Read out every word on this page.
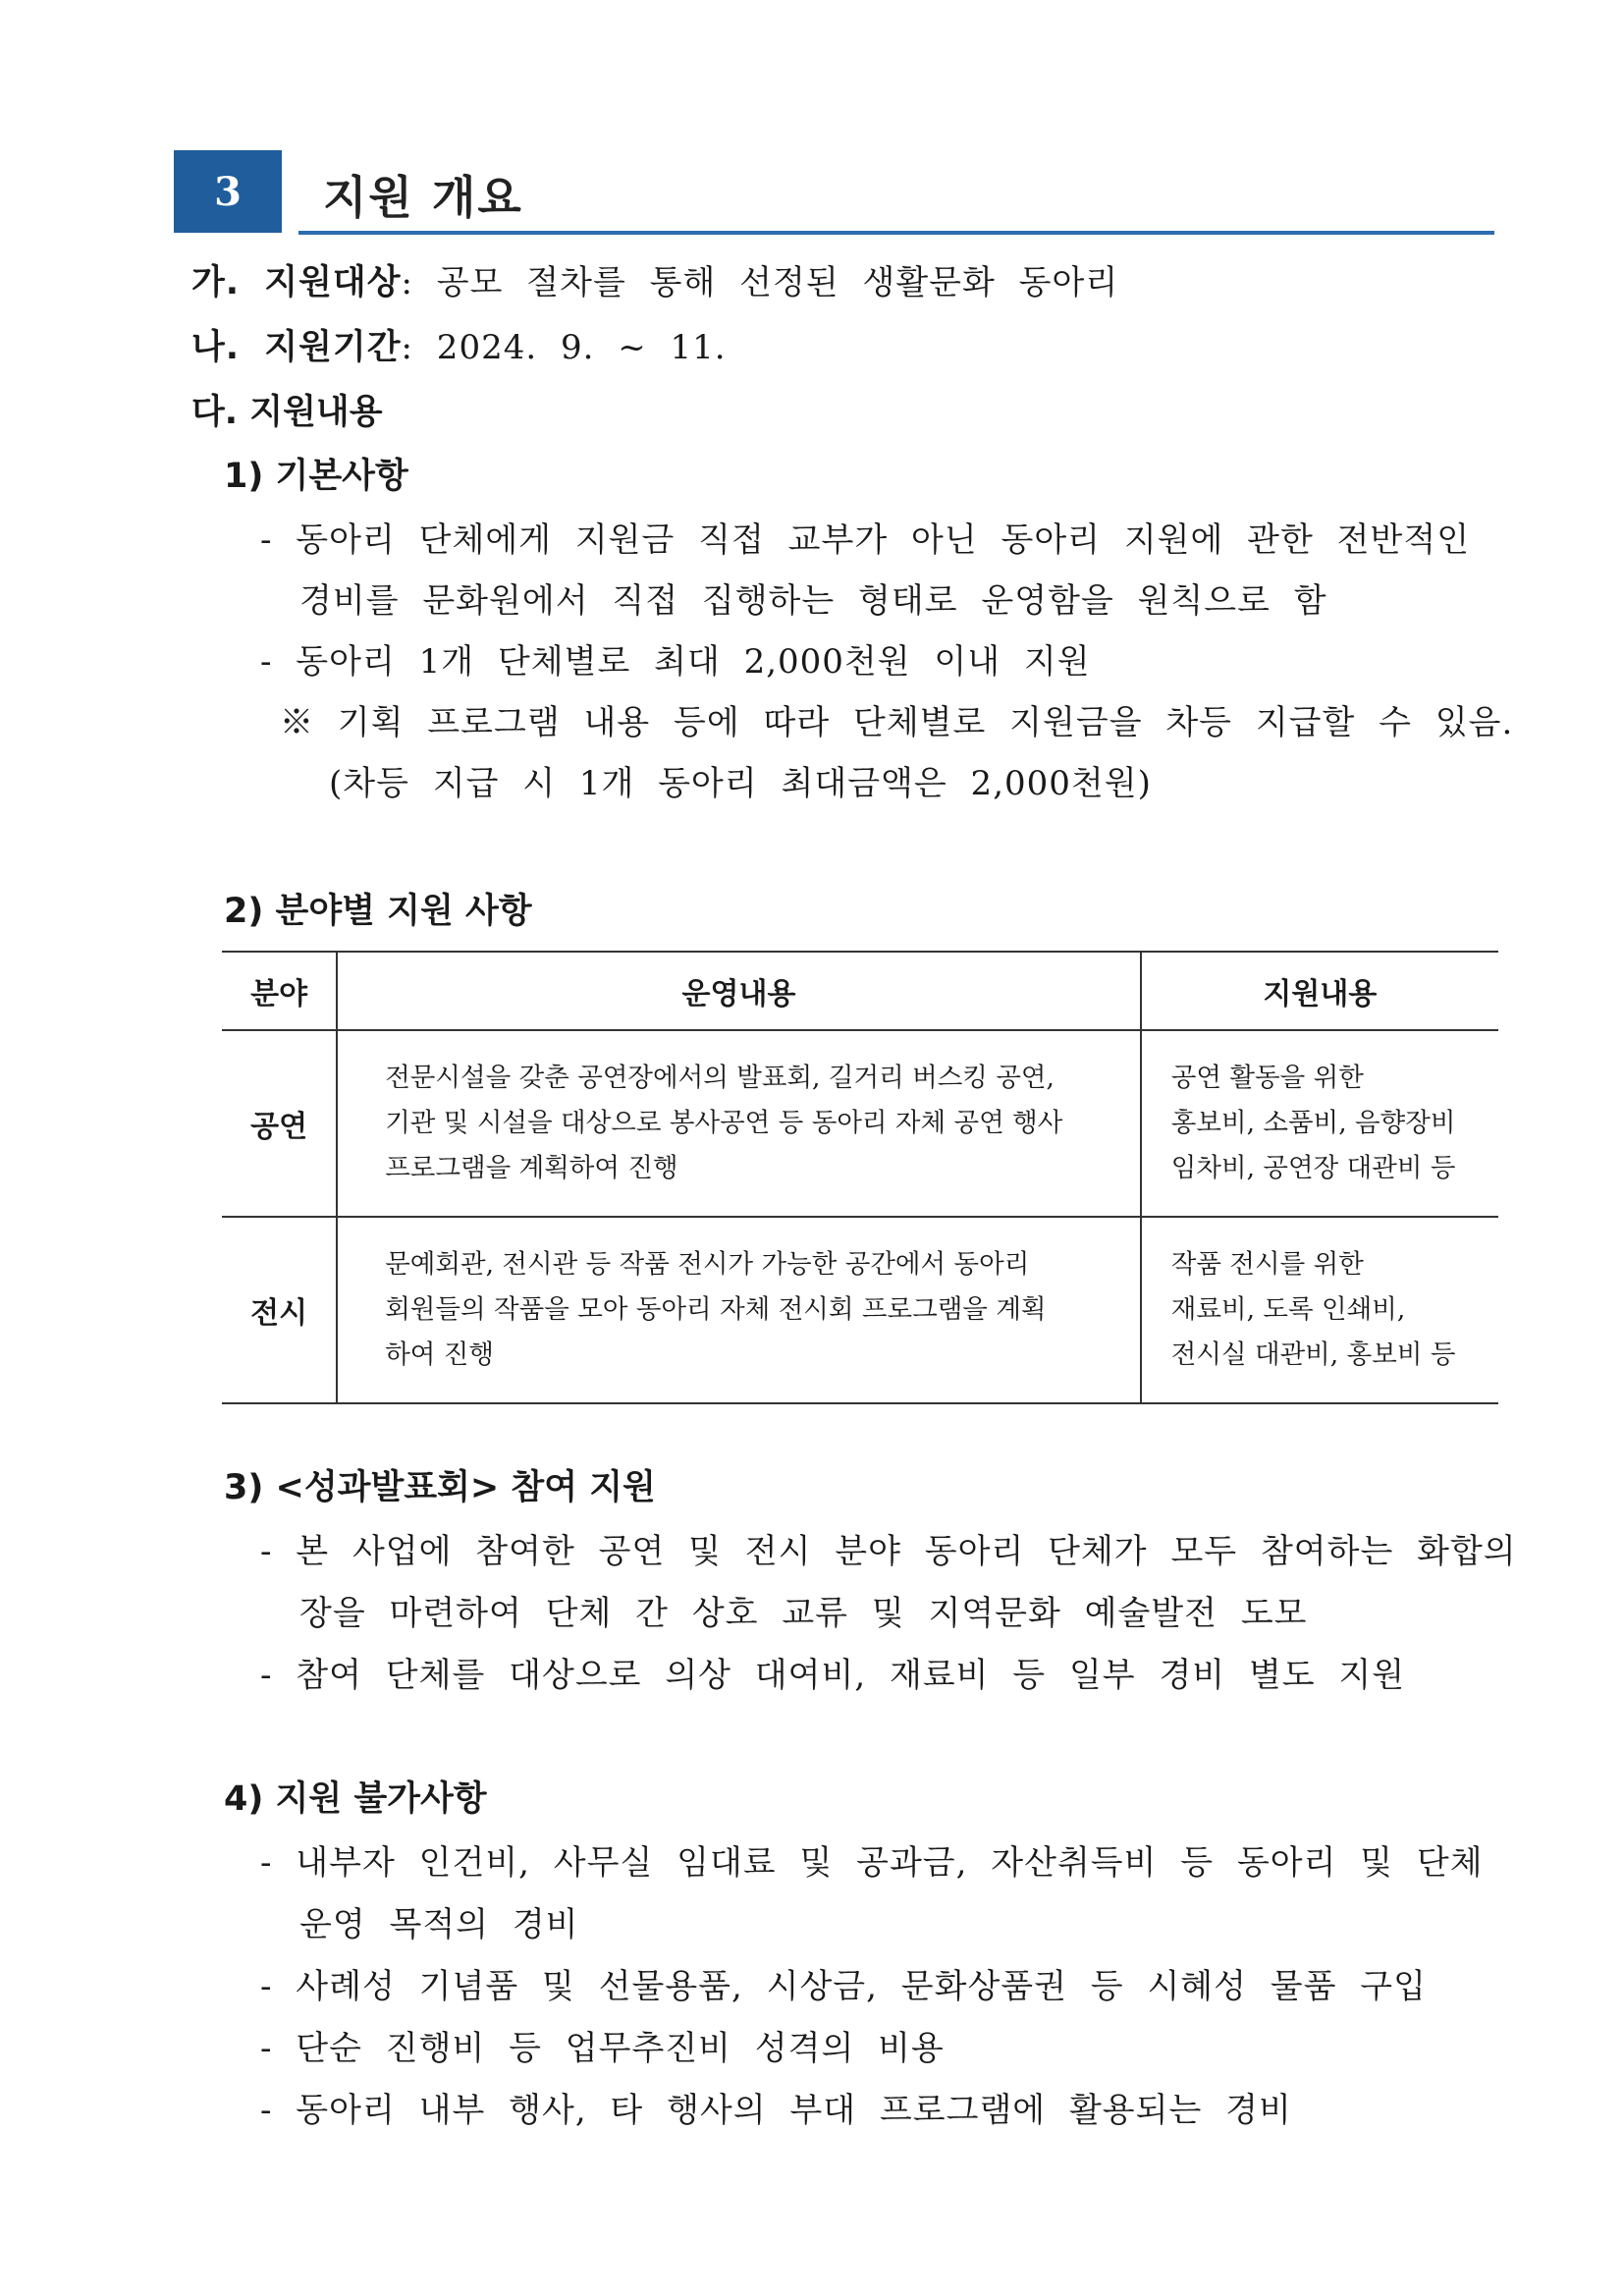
3	지원 개요
가. 지원대상: 공모 절차를 통해 선정된 생활문화 동아리
나. 지원기간: 2024. 9. ~ 11.
다. 지원내용
1) 기본사항
- 동아리 단체에게 지원금 직접 교부가 아닌 동아리 지원에 관한 전반적인
경비를 문화원에서 직접 집행하는 형태로 운영함을 원칙으로 함
- 동아리 1개 단체별로 최대 2,000천원 이내 지원
※ 기획 프로그램 내용 등에 따라 단체별로 지원금을 차등 지급할 수 있음.
(차등 지급 시 1개 동아리 최대금액은 2,000천원)
2) 분야별 지원 사항
분야	운영내용	지원내용
공연	전문시설을 갖춘 공연장에서의 발표회, 길거리 버스킹 공연,
기관 및 시설을 대상으로 봉사공연 등 동아리 자체 공연 행사
프로그램을 계획하여 진행	공연 활동을 위한
홍보비, 소품비, 음향장비
임차비, 공연장 대관비 등

전시	문예회관, 전시관 등 작품 전시가 가능한 공간에서 동아리
회원들의 작품을 모아 동아리 자체 전시회 프로그램을 계획
하여 진행	작품 전시를 위한
재료비, 도록 인쇄비,
전시실 대관비, 홍보비 등
3) <성과발표회> 참여 지원
- 본 사업에 참여한 공연 및 전시 분야 동아리 단체가 모두 참여하는 화합의
장을 마련하여 단체 간 상호 교류 및 지역문화 예술발전 도모
- 참여 단체를 대상으로 의상 대여비, 재료비 등 일부 경비 별도 지원
4) 지원 불가사항
- 내부자 인건비, 사무실 임대료 및 공과금, 자산취득비 등 동아리 및 단체
운영 목적의 경비
- 사례성 기념품 및 선물용품, 시상금, 문화상품권 등 시혜성 물품 구입
- 단순 진행비 등 업무추진비 성격의 비용
- 동아리 내부 행사, 타 행사의 부대 프로그램에 활용되는 경비
